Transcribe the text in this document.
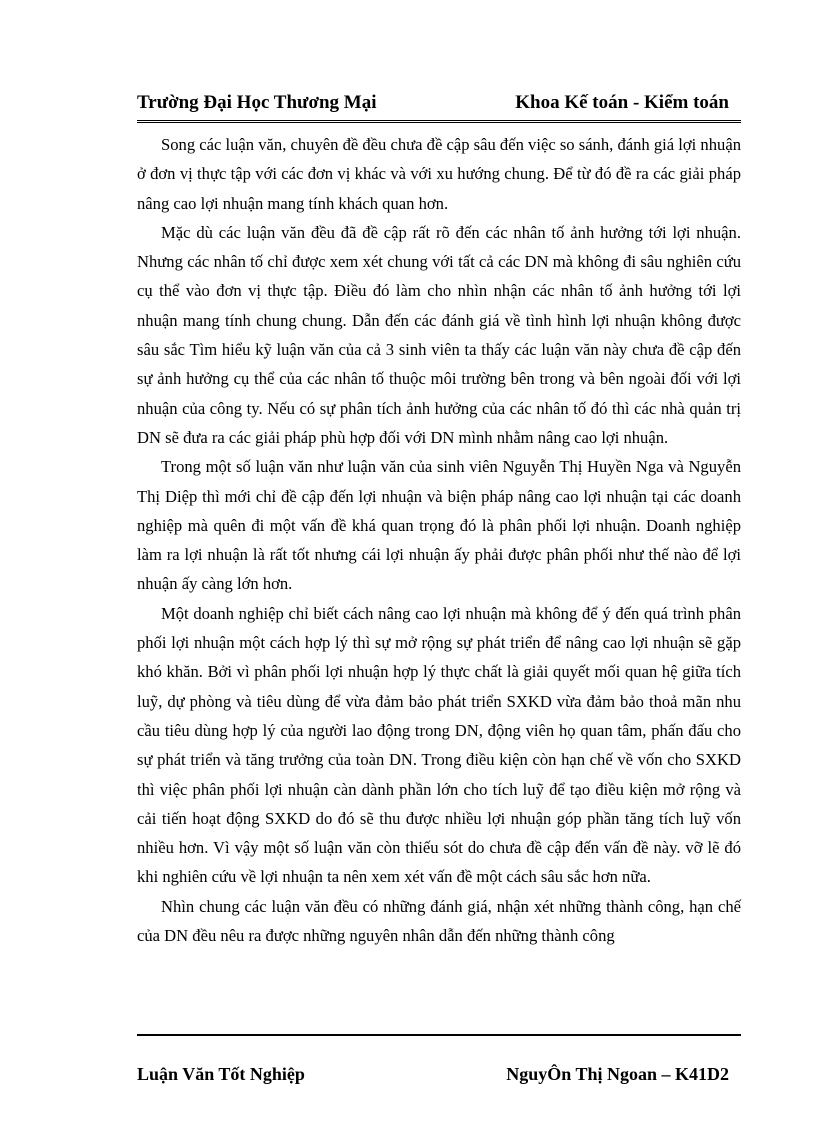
Trường Đại Học Thương Mại	Khoa Kế toán - Kiểm toán

Song các luận văn, chuyên đề đều chưa đề cập sâu đến việc so sánh, đánh giá lợi nhuận ở đơn vị thực tập với các đơn vị khác và với xu hướng chung. Để từ đó đề ra các giải pháp nâng cao lợi nhuận mang tính khách quan hơn.

Mặc dù các luận văn đều đã đề cập rất rõ đến các nhân tố ảnh hưởng tới lợi nhuận. Nhưng các nhân tố chỉ được xem xét chung với tất cả các DN mà không đi sâu nghiên cứu cụ thể vào đơn vị thực tập. Điều đó làm cho nhìn nhận các nhân tố ảnh hưởng tới lợi nhuận mang tính chung chung. Dẫn đến các đánh giá về tình hình lợi nhuận không được sâu sắc Tìm hiểu kỹ luận văn của cả 3 sinh viên ta thấy các luận văn này chưa đề cập đến sự ảnh hưởng cụ thể của các nhân tố thuộc môi trường bên trong và bên ngoài đối với lợi nhuận của công ty. Nếu có sự phân tích ảnh hưởng của các nhân tố đó thì các nhà quản trị DN sẽ đưa ra các giải pháp phù hợp đối với DN mình nhằm nâng cao lợi nhuận.

Trong một số luận văn như luận văn của sinh viên Nguyễn Thị Huyền Nga và Nguyễn Thị Diệp thì mới chỉ đề cập đến lợi nhuận và biện pháp nâng cao lợi nhuận tại các doanh nghiệp mà quên đi một vấn đề khá quan trọng đó là phân phối lợi nhuận. Doanh nghiệp làm ra lợi nhuận là rất tốt nhưng cái lợi nhuận ấy phải được phân phối như thế nào để lợi nhuận ấy càng lớn hơn.

Một doanh nghiệp chỉ biết cách nâng cao lợi nhuận mà không để ý đến quá trình phân phối lợi nhuận một cách hợp lý thì sự mở rộng sự phát triển để nâng cao lợi nhuận sẽ gặp khó khăn. Bởi vì phân phối lợi nhuận hợp lý thực chất là giải quyết mối quan hệ giữa tích luỹ, dự phòng và tiêu dùng để vừa đảm bảo phát triển SXKD vừa đảm bảo thoả mãn nhu cầu tiêu dùng hợp lý của người lao động trong DN, động viên họ quan tâm, phấn đấu cho sự phát triển và tăng trưởng của toàn DN. Trong điều kiện còn hạn chế về vốn cho SXKD thì việc phân phối lợi nhuận càn dành phần lớn cho tích luỹ để tạo điều kiện mở rộng và cải tiến hoạt động SXKD do đó sẽ thu được nhiều lợi nhuận góp phần tăng tích luỹ vốn nhiều hơn. Vì vậy một số luận văn còn thiếu sót do chưa đề cập đến vấn đề này. vỡ lẽ đó khi nghiên cứu về lợi nhuận ta nên xem xét vấn đề một cách sâu sắc hơn nữa.

Nhìn chung các luận văn đều có những đánh giá, nhận xét những thành công, hạn chế của DN đều nêu ra được những nguyên nhân dẫn đến những thành công

Luận Văn Tốt Nghiệp	NguyÔn Thị Ngoan – K41D2
